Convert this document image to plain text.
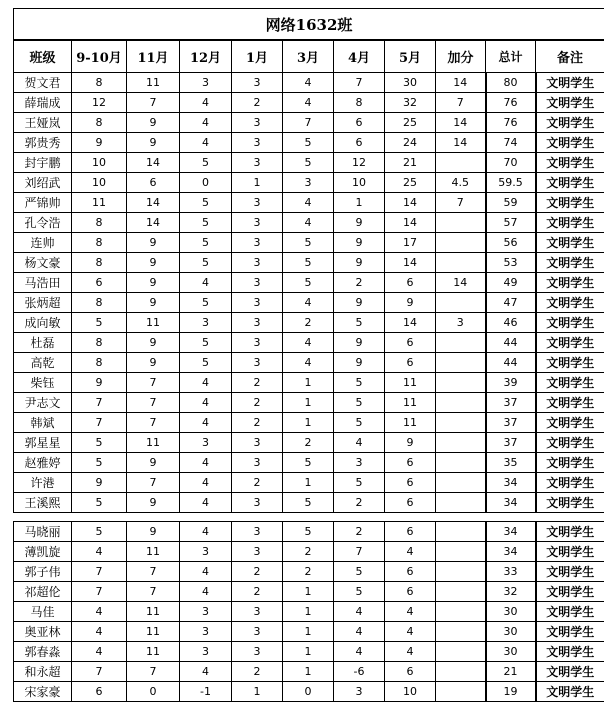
网络1632班										
班级	9-10月	11月	12月	1月	3月	4月	5月	加分	总计	备注
贺文君	8	11	3	3	4	7	30	14	80	文明学生
薛瑞成	12	7	4	2	4	8	32	7	76	文明学生
王娅岚	8	9	4	3	7	6	25	14	76	文明学生
郭贵秀	9	9	4	3	5	6	24	14	74	文明学生
封宇鹏	10	14	5	3	5	12	21		70	文明学生
刘绍武	10	6	0	1	3	10	25	4.5	59.5	文明学生
严锦帅	11	14	5	3	4	1	14	7	59	文明学生
孔令浩	8	14	5	3	4	9	14		57	文明学生
连帅	8	9	5	3	5	9	17		56	文明学生
杨文豪	8	9	5	3	5	9	14		53	文明学生
马浩田	6	9	4	3	5	2	6	14	49	文明学生
张炳超	8	9	5	3	4	9	9		47	文明学生
成向敏	5	11	3	3	2	5	14	3	46	文明学生
杜磊	8	9	5	3	4	9	6		44	文明学生
高乾	8	9	5	3	4	9	6		44	文明学生
柴钰	9	7	4	2	1	5	11		39	文明学生
尹志文	7	7	4	2	1	5	11		37	文明学生
韩斌	7	7	4	2	1	5	11		37	文明学生
郭星星	5	11	3	3	2	4	9		37	文明学生
赵雅婷	5	9	4	3	5	3	6		35	文明学生
许港	9	7	4	2	1	5	6		34	文明学生
王溪熙	5	9	4	3	5	2	6		34	文明学生

马晓丽	5	9	4	3	5	2	6		34	文明学生
薄凯旋	4	11	3	3	2	7	4		34	文明学生
郭子伟	7	7	4	2	2	5	6		33	文明学生
祁超伦	7	7	4	2	1	5	6		32	文明学生
马佳	4	11	3	3	1	4	4		30	文明学生
奥亚林	4	11	3	3	1	4	4		30	文明学生
郭春淼	4	11	3	3	1	4	4		30	文明学生
和永超	7	7	4	2	1	-6	6		21	文明学生
宋家豪	6	0	-1	1	0	3	10		19	文明学生
